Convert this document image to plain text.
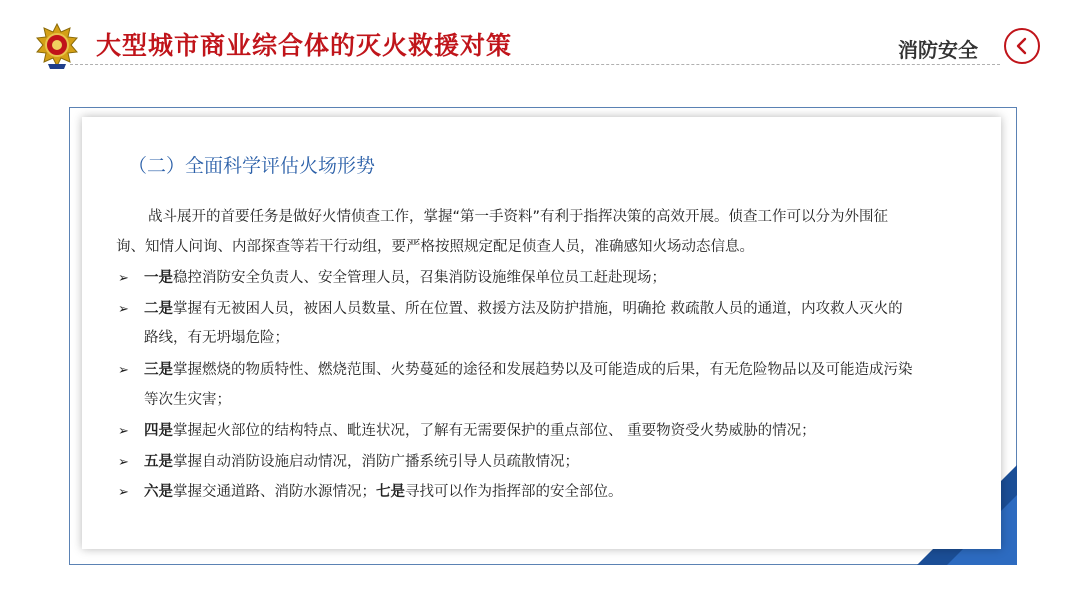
大型城市商业综合体的灭火救援对策	消防安全
（二）全面科学评估火场形势
战斗展开的首要任务是做好火情侦查工作，掌握“第一手资料”有利于指挥决策的高效开展。侦查工作可以分为外围征
询、知情人问询、内部探查等若干行动组，要严格按照规定配足侦查人员，准确感知火场动态信息。
➢ 一是稳控消防安全负责人、安全管理人员，召集消防设施维保单位员工赶赴现场；
➢ 二是掌握有无被困人员，被困人员数量、所在位置、救援方法及防护措施，明确抢 救疏散人员的通道，内攻救人灭火的
路线，有无坍塌危险；
➢ 三是掌握燃烧的物质特性、燃烧范围、火势蔓延的途径和发展趋势以及可能造成的后果，有无危险物品以及可能造成污染
等次生灾害；
➢ 四是掌握起火部位的结构特点、毗连状况，了解有无需要保护的重点部位、 重要物资受火势威胁的情况；
➢ 五是掌握自动消防设施启动情况，消防广播系统引导人员疏散情况；
➢ 六是掌握交通道路、消防水源情况；七是寻找可以作为指挥部的安全部位。
